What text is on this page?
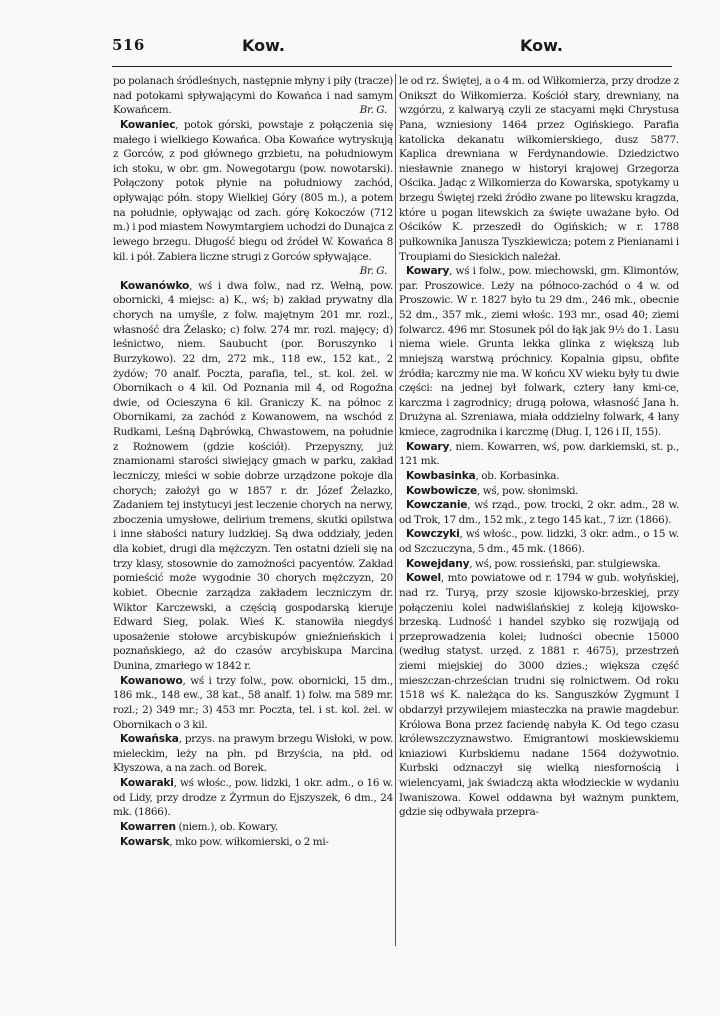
516	Kow.	Kow.

po polanach śródleśnych, następnie młyny i piły (tracze) nad potokami spływającymi do Kowańca i nad samym Kowańcem.	Br. G.

Kowaniec, potok górski, powstaje z połączenia się małego i wielkiego Kowańca. Oba Kowańce wytryskują z Gorców, z pod głównego grzbietu, na południowym ich stoku, w obr. gm. Nowegotargu (pow. nowotarski). Połączony potok płynie na południowy zachód, opływając półn. stopy Wielkiej Góry (805 m.), a potem na południe, opływając od zach. górę Kokoczów (712 m.) i pod miastem Nowymtargiem uchodzi do Dunajca z lewego brzegu. Długość biegu od źródeł W. Kowańca 8 kil. i pół. Zabiera liczne strugi z Gorców spływające.
Br. G.

Kowanówko, wś i dwa folw., nad rz. Wełną, pow. obornicki, 4 miejsc: a) K., wś; b) zakład prywatny dla chorych na umyśle, z folw. majętnym 201 mr. rozl., własność dra Żelasko; c) folw. 274 mr. rozl. majęcy; d) leśnictwo, niem. Saubucht (por. Boruszynko i Burzykowo). 22 dm, 272 mk., 118 ew., 152 kat., 2 żydów; 70 analf. Poczta, parafia, tel., st. kol. żel. w Obornikach o 4 kil. Od Poznania mil 4, od Rogoźna dwie, od Ocieszyna 6 kil. Graniczy K. na północ z Obornikami, za zachód z Kowanowem, na wschód z Rudkami, Leśną Dąbrówką, Chwastowem, na południe z Rożnowem (gdzie kościół). Przepyszny, już znamionami starości siwiejący gmach w parku, zakład leczniczy, mieści w sobie dobrze urządzone pokoje dla chorych; założył go w 1857 r. dr. Józef Żelazko, Zadaniem tej instytucyi jest leczenie chorych na nerwy, zboczenia umysłowe, delirium tremens, skutki opilstwa i inne słabości natury ludzkiej. Są dwa oddziały, jeden dla kobiet, drugi dla mężczyzn. Ten ostatni dzieli się na trzy klasy, stosownie do zamożności pacyentów. Zakład pomieścić może wygodnie 30 chorych mężczyzn, 20 kobiet. Obecnie zarządza zakładem leczniczym dr. Wiktor Karczewski, a częścią gospodarską kieruje Edward Sieg, polak. Wieś K. stanowiła niegdyś uposażenie stołowe arcybiskupów gnieźnieńskich i poznańskiego, aż do czasów arcybiskupa Marcina Dunina, zmarłego w 1842 r.

Kowanowo, wś i trzy folw., pow. obornicki, 15 dm., 186 mk., 148 ew., 38 kat., 58 analf. 1) folw. ma 589 mr. rozl.; 2) 349 mr.; 3) 453 mr. Poczta, tel. i st. kol. żel. w Obornikach o 3 kil.

Kowańska, przys. na prawym brzegu Wisłoki, w pow. mieleckim, leży na płn. pd Brzyścia, na płd. od Kłyszowa, a na zach. od Borek.

Kowaraki, wś włośc., pow. lidzki, 1 okr. adm., o 16 w. od Lidy, przy drodze z Żyrmun do Ejszyszek, 6 dm., 24 mk. (1866).

Kowarren (niem.), ob. Kowary.

Kowarsk, mko pow. wiłkomierski, o 2 mi-

le od rz. Świętej, a o 4 m. od Wiłkomierza, przy drodze z Onikszt do Wiłkomierza. Kościół stary, drewniany, na wzgórzu, z kalwaryą czyli ze stacyami męki Chrystusa Pana, wzniesiony 1464 przez Ogińskiego. Parafia katolicka dekanatu wiłkomierskiego, dusz 5877. Kaplica drewniana w Ferdynandowie. Dziedzictwo niesławnie znanego w historyi krajowej Grzegorza Ościka. Jadąc z Wilkomierza do Kowarska, spotykamy u brzegu Świętej rzeki źródło zwane po litewsku kragzda, które u pogan litewskich za święte uważane było. Od Ościków K. przeszedł do Ogińskich; w r. 1788 pułkownika Janusza Tyszkiewicza; potem z Pienianami i Troupiami do Siesickich należał.

Kowary, wś i folw., pow. miechowski, gm. Klimontów, par. Proszowice. Leży na północo-zachód o 4 w. od Proszowic. W r. 1827 było tu 29 dm., 246 mk., obecnie 52 dm., 357 mk., ziemi włośc. 193 mr., osad 40; ziemi folwarcz. 496 mr. Stosunek pól do łąk jak 9½ do 1. Lasu niema wiele. Grunta lekka glinka z większą lub mniejszą warstwą próchnicy. Kopalnia gipsu, obfite źródła; karczmy nie ma. W końcu XV wieku były tu dwie części: na jednej był folwark, cztery łany kmi-ce, karczma i zagrodnicy; drugą połowa, własność Jana h. Drużyna al. Szreniawa, miała oddzielny folwark, 4 łany kmiece, zagrodnika i karczmę (Dług. I, 126 i II, 155).

Kowary, niem. Kowarren, wś, pow. darkiemski, st. p., 121 mk.

Kowbasinka, ob. Korbasinka.

Kowbowicze, wś, pow. słonimski.

Kowczanie, wś rząd., pow. trocki, 2 okr. adm., 28 w. od Trok, 17 dm., 152 mk., z tego 145 kat., 7 izr. (1866).

Kowczyki, wś włośc., pow. lidzki, 3 okr. adm., o 15 w. od Szczuczyna, 5 dm., 45 mk. (1866).

Kowejdany, wś, pow. rossieński, par. stulgiewska.

Kowel, mto powiatowe od r. 1794 w gub. wołyńskiej, nad rz. Turyą, przy szosie kijowsko-brzeskiej, przy połączeniu kolei nadwiślańskiej z koleją kijowsko-brzeską. Ludność i handel szybko się rozwijają od przeprowadzenia kolei; ludności obecnie 15000 (według statyst. urzęd. z 1881 r. 4675), przestrzeń ziemi miejskiej do 3000 dzies.; większa część mieszczan-chrześcian trudni się rolnictwem. Od roku 1518 wś K. należąca do ks. Sanguszków Zygmunt I obdarzył przywilejem miasteczka na prawie magdebur. Królowa Bona przez faciendę nabyła K. Od tego czasu królewszczyznawstwo. Emigrantowi moskiewskiemu kniaziowi Kurbskiemu nadane 1564 dożywotnio. Kurbski odznaczył się wielką niesfornością i wielencyami, jak świadczą akta włodzieckie w wydaniu Iwaniszowa. Kowel oddawna był ważnym punktem, gdzie się odbywała przepra-
